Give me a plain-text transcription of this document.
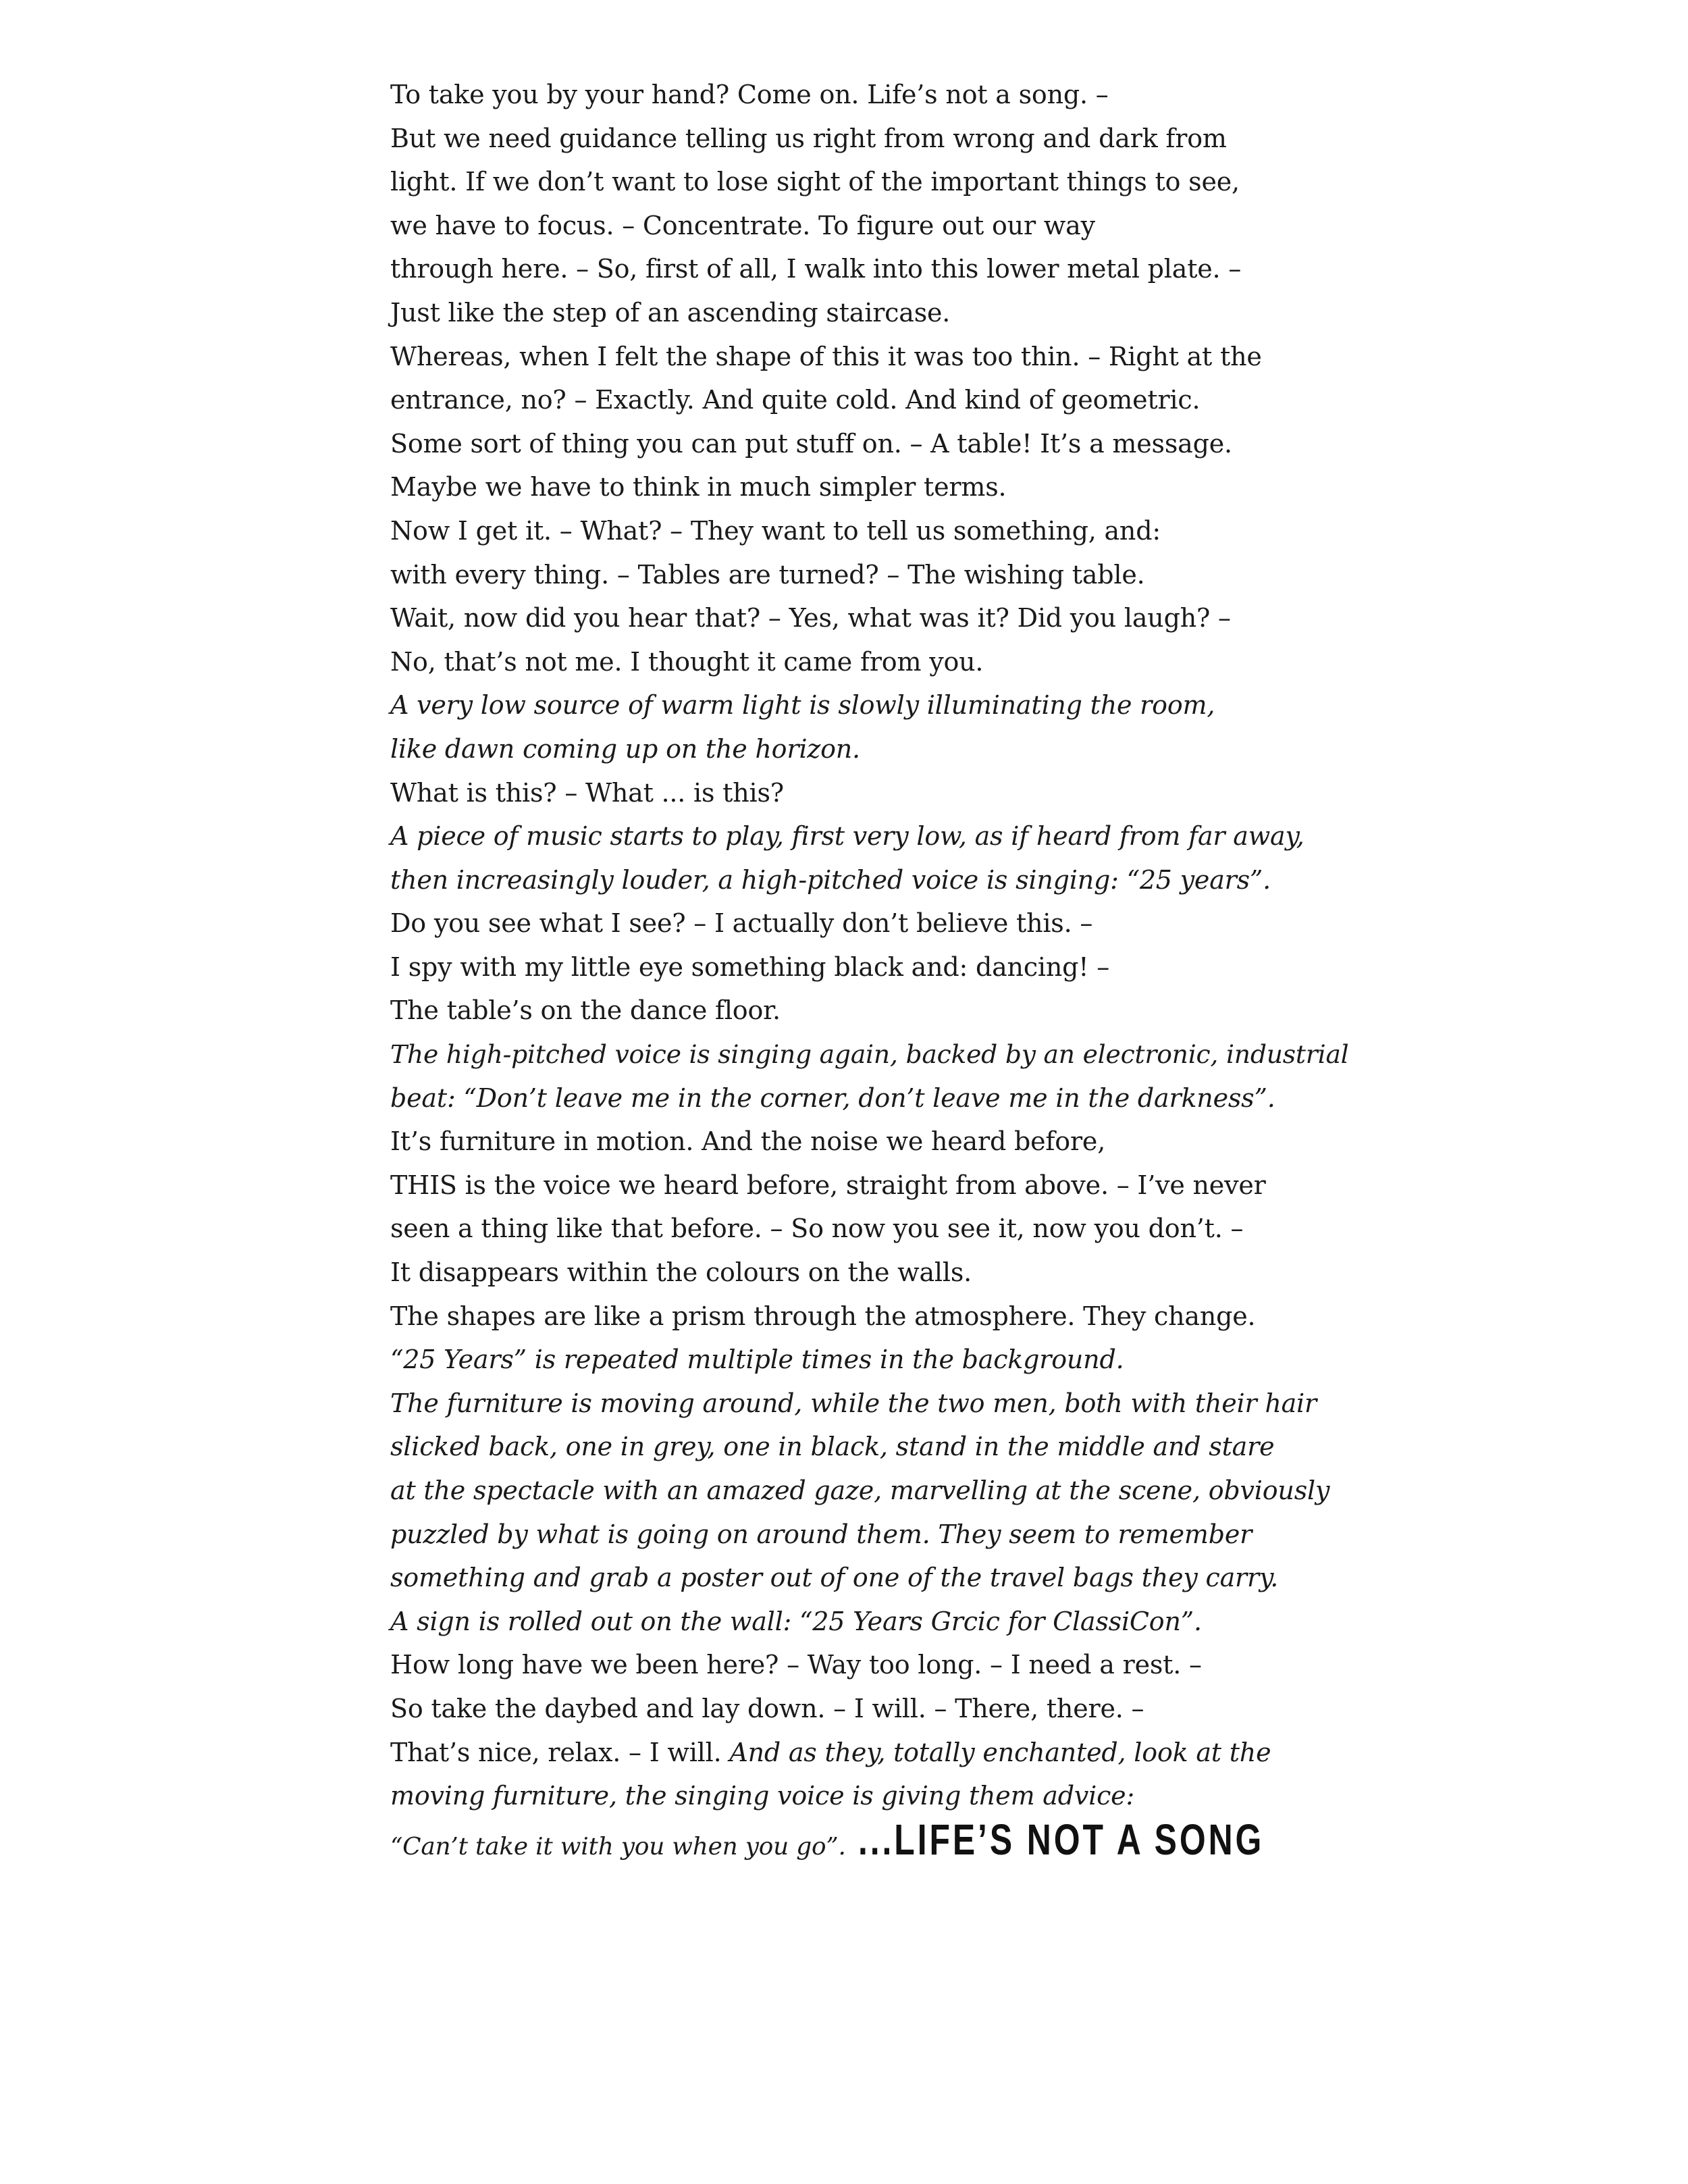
To take you by your hand? Come on. Life’s not a song. –
But we need guidance telling us right from wrong and dark from
light. If we don’t want to lose sight of the important things to see,
we have to focus. – Concentrate. To figure out our way
through here. – So, first of all, I walk into this lower metal plate. –
Just like the step of an ascending staircase.
Whereas, when I felt the shape of this it was too thin. – Right at the
entrance, no? – Exactly. And quite cold. And kind of geometric.
Some sort of thing you can put stuff on. – A table! It’s a message.
Maybe we have to think in much simpler terms.
Now I get it. – What? – They want to tell us something, and:
with every thing. – Tables are turned? – The wishing table.
Wait, now did you hear that? – Yes, what was it? Did you laugh? –
No, that’s not me. I thought it came from you.
A very low source of warm light is slowly illuminating the room,
like dawn coming up on the horizon.
What is this? – What ... is this?
A piece of music starts to play, first very low, as if heard from far away,
then increasingly louder, a high-pitched voice is singing: “25 years”.
Do you see what I see? – I actually don’t believe this. –
I spy with my little eye something black and: dancing! –
The table’s on the dance floor.
The high-pitched voice is singing again, backed by an electronic, industrial
beat: “Don’t leave me in the corner, don’t leave me in the darkness”.
It’s furniture in motion. And the noise we heard before,
THIS is the voice we heard before, straight from above. – I’ve never
seen a thing like that before. – So now you see it, now you don’t. –
It disappears within the colours on the walls.
The shapes are like a prism through the atmosphere. They change.
“25 Years” is repeated multiple times in the background.
The furniture is moving around, while the two men, both with their hair
slicked back, one in grey, one in black, stand in the middle and stare
at the spectacle with an amazed gaze, marvelling at the scene, obviously
puzzled by what is going on around them. They seem to remember
something and grab a poster out of one of the travel bags they carry.
A sign is rolled out on the wall: “25 Years Grcic for ClassiCon”.
How long have we been here? – Way too long. – I need a rest. –
So take the daybed and lay down. – I will. – There, there. –
That’s nice, relax. – I will. And as they, totally enchanted, look at the
moving furniture, the singing voice is giving them advice:
“Can’t take it with you when you go”. ...LIFE’S NOT A SONG
